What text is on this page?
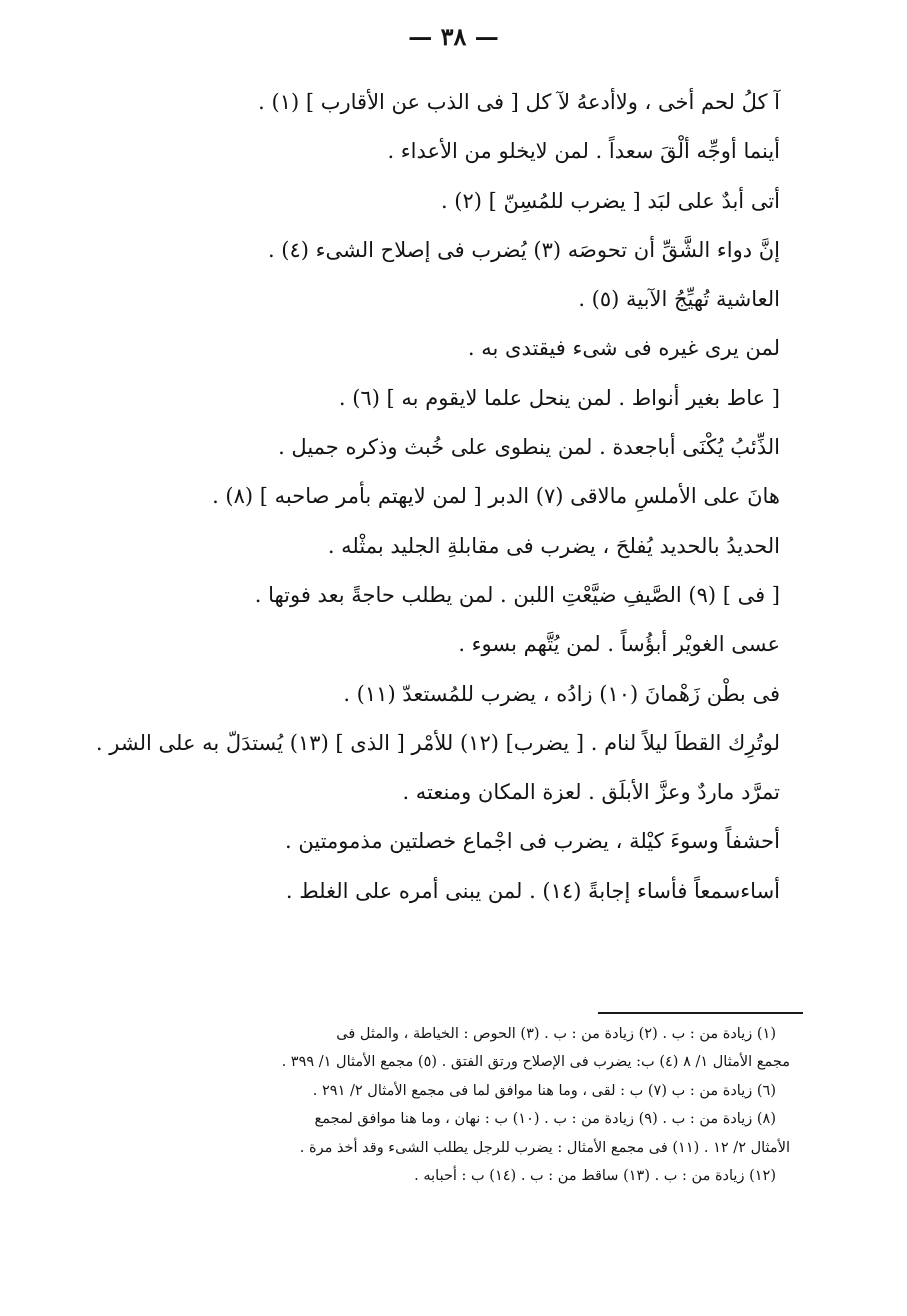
— ٣٨ —
آ كلُ لحم أخى ، ولاأدعهُ لآ كل [ فى الذب عن الأقارب ] (١) .
أينما أوجِّه ألْقَ سعداً . لمن لايخلو من الأعداء .
أتى أبدٌ على لبَد [ يضرب للمُسِنّ ] (٢) .
إنَّ دواء الشَّقِّ أن تحوصَه (٣) يُضرب فى إصلاح الشىء (٤) .
العاشية تُهيِّجُ الآبية (٥) .
لمن يرى غيره فى شىء فيقتدى به .
[ عاط بغير أنواط . لمن ينحل علما لايقوم به ] (٦) .
الذِّئبُ يُكْنَى أباجعدة . لمن ينطوى على خُبث وذكره جميل .
هانَ على الأملسِ مالاقى (٧) الدبر [ لمن لايهتم بأمر صاحبه ] (٨) .
الحديدُ بالحديد يُفلحَ ، يضرب فى مقابلةِ الجليد بمثْله .
[ فى ] (٩) الصَّيفِ ضيَّعْتِ اللبن . لمن يطلب حاجةً بعد فوتها .
عسى الغويْر أبؤُساً . لمن يُتَّهم بسوء .
فى بطْن زَهْمانَ (١٠) زادُه ، يضرب للمُستعدّ (١١) .
لوتُرِك القطاَ ليلاً لنام . [ يضرب] (١٢) للأمْر [ الذى ] (١٣) يُستدَلّ به على الشر .
تمرَّد ماردٌ وعزَّ الأبلَق . لعزة المكان ومنعته .
أحشفاً وسوءَ كيْلة ، يضرب فى اجْماع خصلتين مذمومتين .
أساءسمعاً فأساء إجابةً (١٤) . لمن يبنى أمره على الغلط .
(١) زيادة من : ب . (٢) زيادة من : ب . (٣) الحوص : الخياطة ، والمثل فى
مجمع الأمثال ١/ ٨ (٤) ب: يضرب فى الإصلاح ورتق الفتق . (٥) مجمع الأمثال ١/ ٣٩٩ .
(٦) زيادة من : ب (٧) ب : لقى ، وما هنا موافق لما فى مجمع الأمثال ٢/ ٢٩١ .
(٨) زيادة من : ب . (٩) زيادة من : ب . (١٠) ب : نهان ، وما هنا موافق لمجمع
الأمثال ٢/ ١٢ . (١١) فى مجمع الأمثال : يضرب للرجل يطلب الشىء وقد أخذ مرة .
(١٢) زيادة من : ب . (١٣) ساقط من : ب . (١٤) ب : أحبابه .
